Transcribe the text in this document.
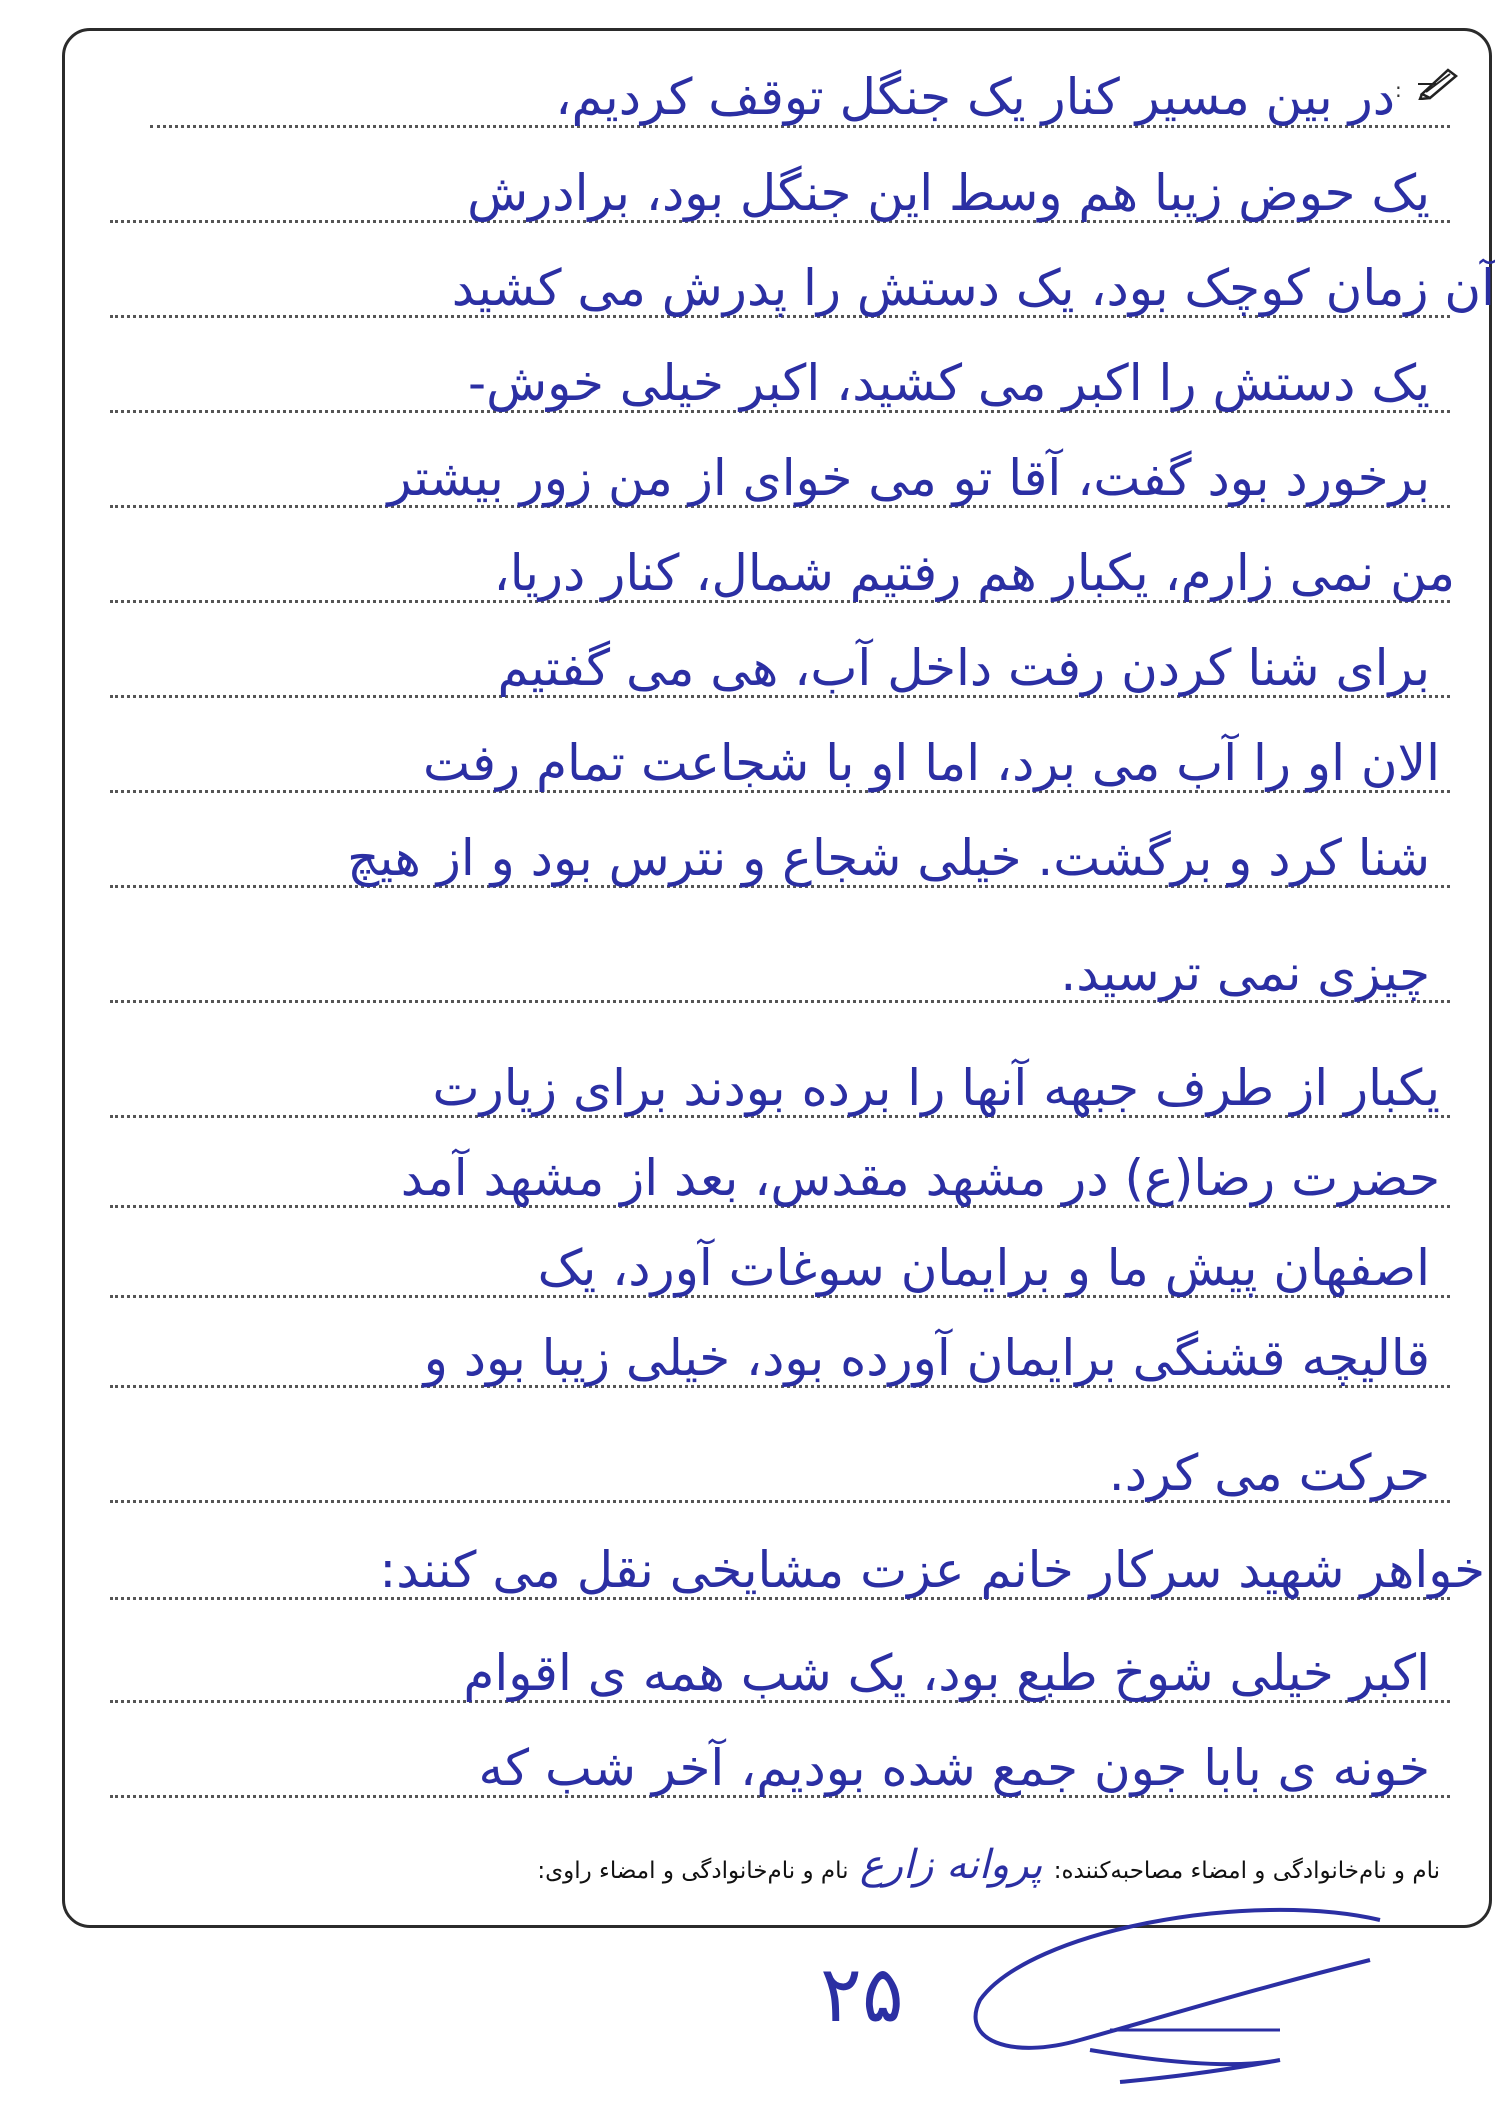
:
در بین مسیر کنار یک جنگل توقف کردیم،
یک حوض زیبا هم وسط این جنگل بود، برادرش
آن زمان کوچک بود، یک دستش را پدرش می کشید
یک دستش را اکبر می کشید، اکبر خیلی خوش-
برخورد بود گفت، آقا تو می خوای از من زور بیشتر
من نمی زارم، یکبار هم رفتیم شمال، کنار دریا،
برای شنا کردن رفت داخل آب، هی می گفتیم
الان او را آب می برد، اما او با شجاعت تمام رفت
شنا کرد و برگشت. خیلی شجاع و نترس بود و از هیچ
چیزی نمی ترسید.
یکبار از طرف جبهه آنها را برده بودند برای زیارت
حضرت رضا(ع) در مشهد مقدس، بعد از مشهد آمد
اصفهان پیش ما و برایمان سوغات آورد، یک
قالیچه قشنگی برایمان آورده بود، خیلی زیبا بود و
حرکت می کرد.
خواهر شهید سرکار خانم عزت مشایخی نقل می کنند:
اکبر خیلی شوخ طبع بود، یک شب همه ی اقوام
خونه ی بابا جون جمع شده بودیم، آخر شب که
نام و نام‌خانوادگی و امضاء مصاحبه‌کننده: پروانه زارع نام و نام‌خانوادگی و امضاء راوی:
۲۵
